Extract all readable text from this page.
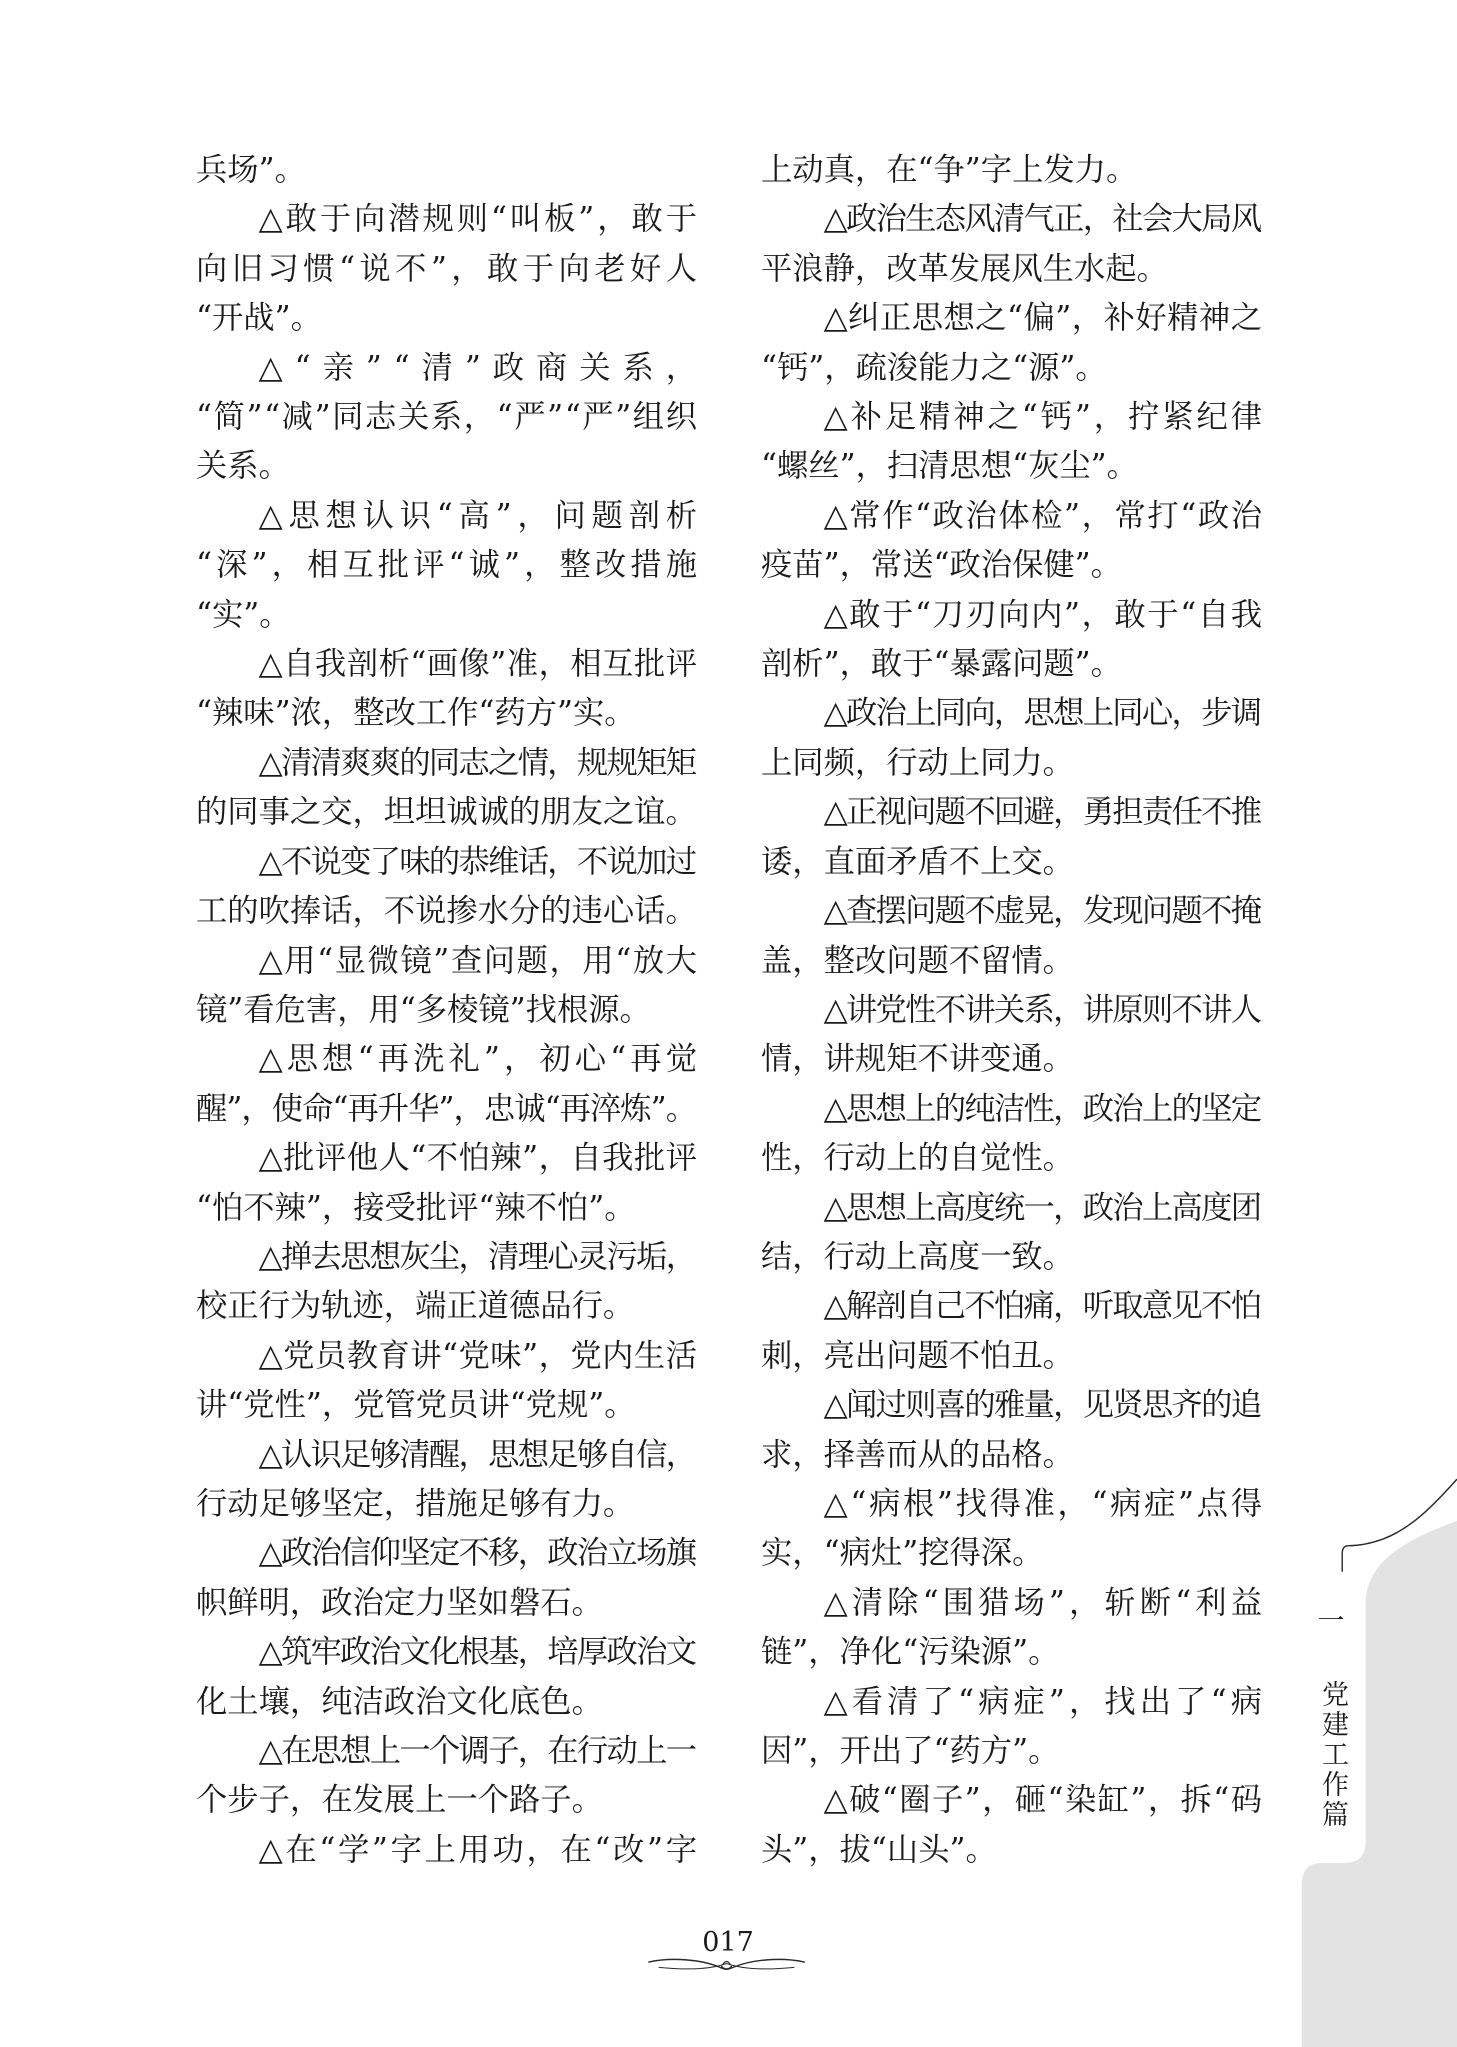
兵场”。
△敢于向潜规则“叫板”，敢于
向旧习惯“说不”，敢于向老好人
“开战”。
△“亲”“清”政商关系，
“简”“减”同志关系，“严”“严”组织
关系。
△思想认识“高”，问题剖析
“深”，相互批评“诚”，整改措施
“实”。
△自我剖析“画像”准，相互批评
“辣味”浓，整改工作“药方”实。
△清清爽爽的同志之情，规规矩矩
的同事之交，坦坦诚诚的朋友之谊。
△不说变了味的恭维话，不说加过
工的吹捧话，不说掺水分的违心话。
△用“显微镜”查问题，用“放大
镜”看危害，用“多棱镜”找根源。
△思想“再洗礼”，初心“再觉
醒”，使命“再升华”，忠诚“再淬炼”。
△批评他人“不怕辣”，自我批评
“怕不辣”，接受批评“辣不怕”。
△掸去思想灰尘，清理心灵污垢，
校正行为轨迹，端正道德品行。
△党员教育讲“党味”，党内生活
讲“党性”，党管党员讲“党规”。
△认识足够清醒，思想足够自信，
行动足够坚定，措施足够有力。
△政治信仰坚定不移，政治立场旗
帜鲜明，政治定力坚如磐石。
△筑牢政治文化根基，培厚政治文
化土壤，纯洁政治文化底色。
△在思想上一个调子，在行动上一
个步子，在发展上一个路子。
△在“学”字上用功，在“改”字
上动真，在“争”字上发力。
△政治生态风清气正，社会大局风
平浪静，改革发展风生水起。
△纠正思想之“偏”，补好精神之
“钙”，疏浚能力之“源”。
△补足精神之“钙”，拧紧纪律
“螺丝”，扫清思想“灰尘”。
△常作“政治体检”，常打“政治
疫苗”，常送“政治保健”。
△敢于“刀刃向内”，敢于“自我
剖析”，敢于“暴露问题”。
△政治上同向，思想上同心，步调
上同频，行动上同力。
△正视问题不回避，勇担责任不推
诿，直面矛盾不上交。
△查摆问题不虚晃，发现问题不掩
盖，整改问题不留情。
△讲党性不讲关系，讲原则不讲人
情，讲规矩不讲变通。
△思想上的纯洁性，政治上的坚定
性，行动上的自觉性。
△思想上高度统一，政治上高度团
结，行动上高度一致。
△解剖自己不怕痛，听取意见不怕
刺，亮出问题不怕丑。
△闻过则喜的雅量，见贤思齐的追
求，择善而从的品格。
△“病根”找得准，“病症”点得
实，“病灶”挖得深。
△清除“围猎场”，斩断“利益
链”，净化“污染源”。
△看清了“病症”，找出了“病
因”，开出了“药方”。
△破“圈子”，砸“染缸”，拆“码
头”，拔“山头”。
一
党建工作篇
017
